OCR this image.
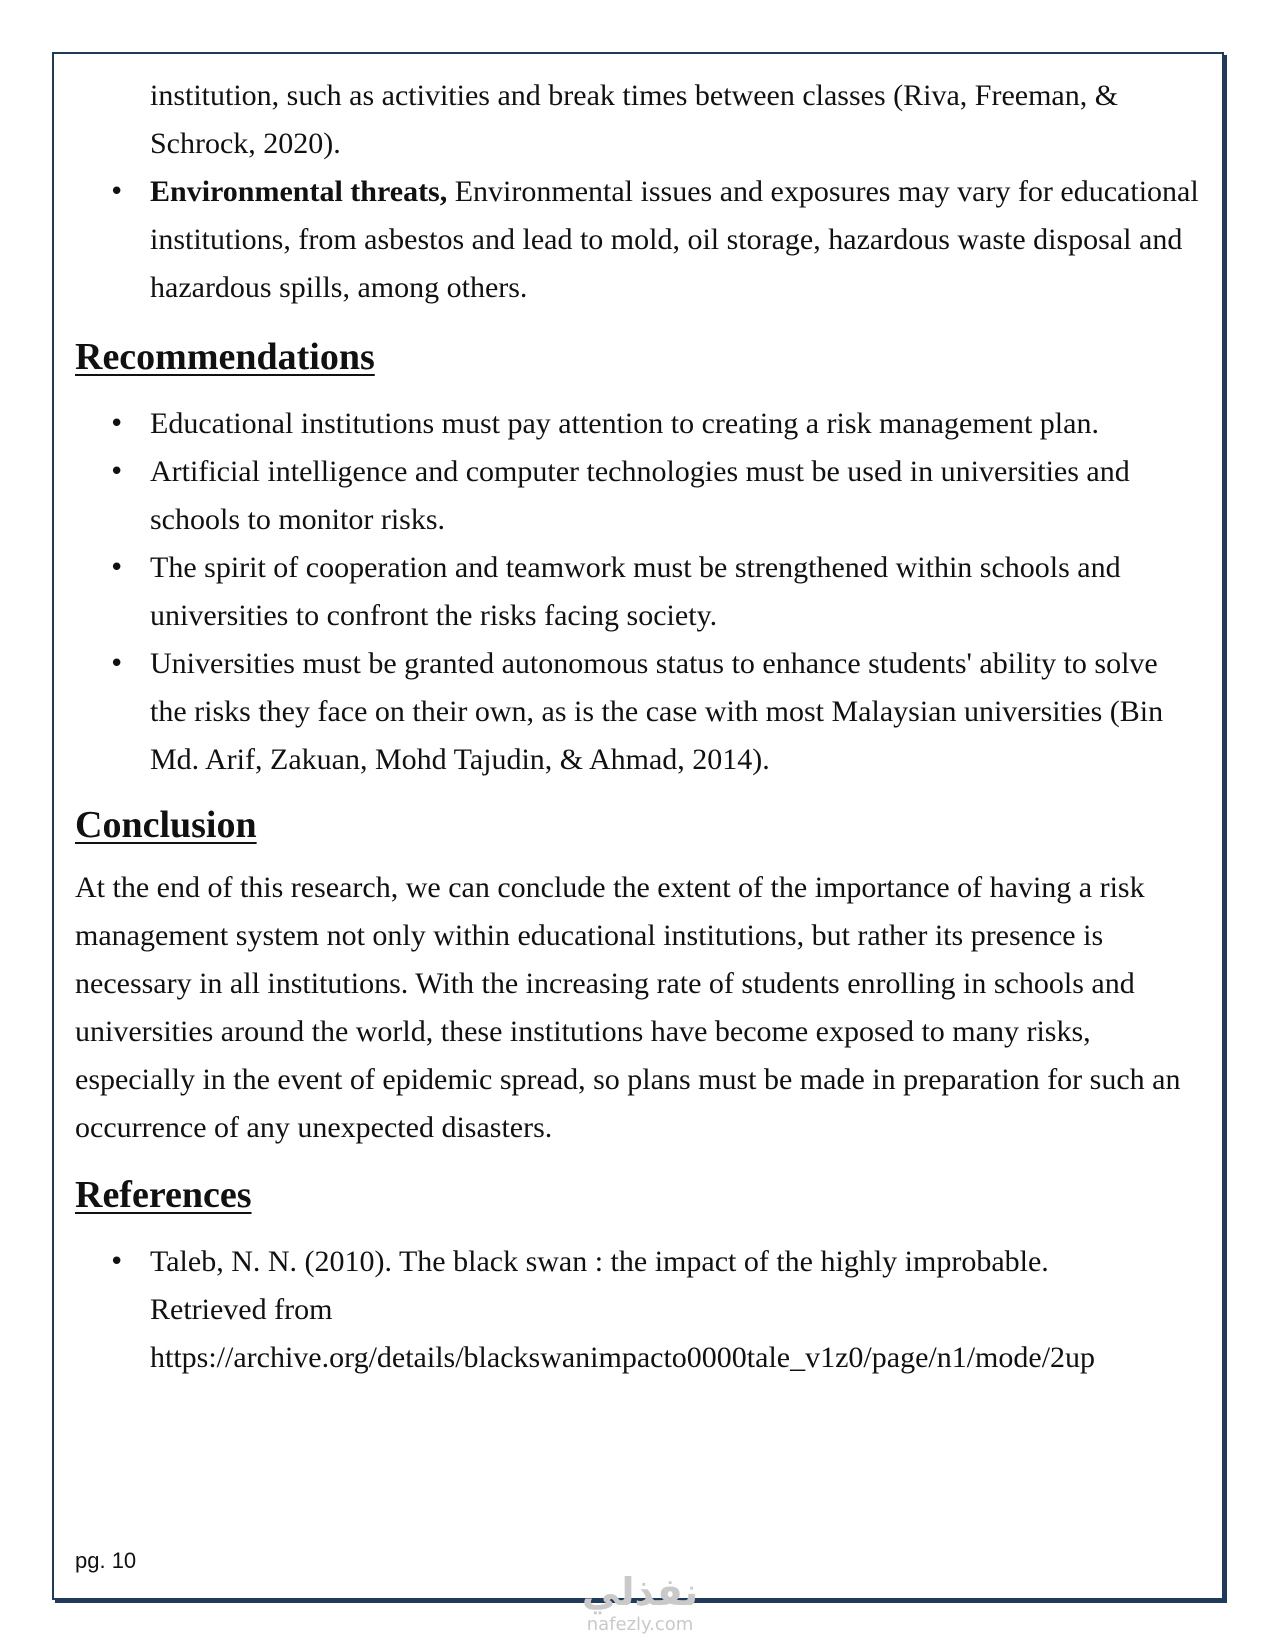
institution, such as activities and break times between classes (Riva, Freeman, & Schrock, 2020).

• Environmental threats, Environmental issues and exposures may vary for educational institutions, from asbestos and lead to mold, oil storage, hazardous waste disposal and hazardous spills, among others.
Recommendations
• Educational institutions must pay attention to creating a risk management plan.
• Artificial intelligence and computer technologies must be used in universities and schools to monitor risks.
• The spirit of cooperation and teamwork must be strengthened within schools and universities to confront the risks facing society.
• Universities must be granted autonomous status to enhance students' ability to solve the risks they face on their own, as is the case with most Malaysian universities (Bin Md. Arif, Zakuan, Mohd Tajudin, & Ahmad, 2014).
Conclusion

At the end of this research, we can conclude the extent of the importance of having a risk management system not only within educational institutions, but rather its presence is necessary in all institutions. With the increasing rate of students enrolling in schools and universities around the world, these institutions have become exposed to many risks, especially in the event of epidemic spread, so plans must be made in preparation for such an occurrence of any unexpected disasters.

References
• Taleb, N. N. (2010). The black swan : the impact of the highly improbable.
Retrieved from
https://archive.org/details/blackswanimpacto0000tale_v1z0/page/n1/mode/2up
pg. 10
نفذلي
nafezly.com
